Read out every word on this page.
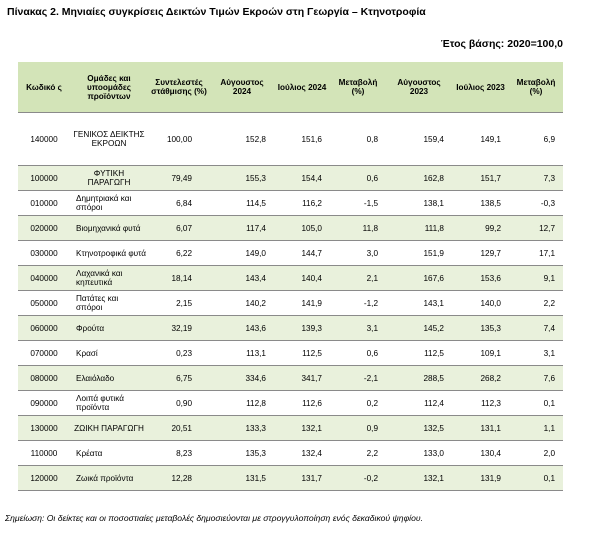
Πίνακας 2. Μηνιαίες συγκρίσεις Δεικτών Τιμών Εκροών στη Γεωργία – Κτηνοτροφία
Έτος βάσης: 2020=100,0
Κωδικό ς	Ομάδες και υποομάδες προϊόντων	Συντελεστές στάθμισης (%)	Αύγουστος 2024	Ιούλιος 2024	Μεταβολή (%)	Αύγουστος 2023	Ιούλιος 2023	Μεταβολή (%)
140000	ΓΕΝΙΚΟΣ ΔΕΙΚΤΗΣ ΕΚΡΟΩΝ	100,00	152,8	151,6	0,8	159,4	149,1	6,9
100000	ΦΥΤΙΚΗ ΠΑΡΑΓΩΓΗ	79,49	155,3	154,4	0,6	162,8	151,7	7,3
010000	Δημητριακά και σπόροι	6,84	114,5	116,2	-1,5	138,1	138,5	-0,3
020000	Βιομηχανικά φυτά	6,07	117,4	105,0	11,8	111,8	99,2	12,7
030000	Κτηνοτροφικά φυτά	6,22	149,0	144,7	3,0	151,9	129,7	17,1
040000	Λαχανικά και κηπευτικά	18,14	143,4	140,4	2,1	167,6	153,6	9,1
050000	Πατάτες και σπόροι	2,15	140,2	141,9	-1,2	143,1	140,0	2,2
060000	Φρούτα	32,19	143,6	139,3	3,1	145,2	135,3	7,4
070000	Κρασί	0,23	113,1	112,5	0,6	112,5	109,1	3,1
080000	Ελαιόλαδο	6,75	334,6	341,7	-2,1	288,5	268,2	7,6
090000	Λοιπά φυτικά προϊόντα	0,90	112,8	112,6	0,2	112,4	112,3	0,1
130000	ΖΩΙΚΗ ΠΑΡΑΓΩΓΗ	20,51	133,3	132,1	0,9	132,5	131,1	1,1
110000	Κρέατα	8,23	135,3	132,4	2,2	133,0	130,4	2,0
120000	Ζωικά προϊόντα	12,28	131,5	131,7	-0,2	132,1	131,9	0,1
Σημείωση: Οι δείκτες και οι ποσοστιαίες μεταβολές δημοσιεύονται με στρογγυλοποίηση ενός δεκαδικού ψηφίου.
